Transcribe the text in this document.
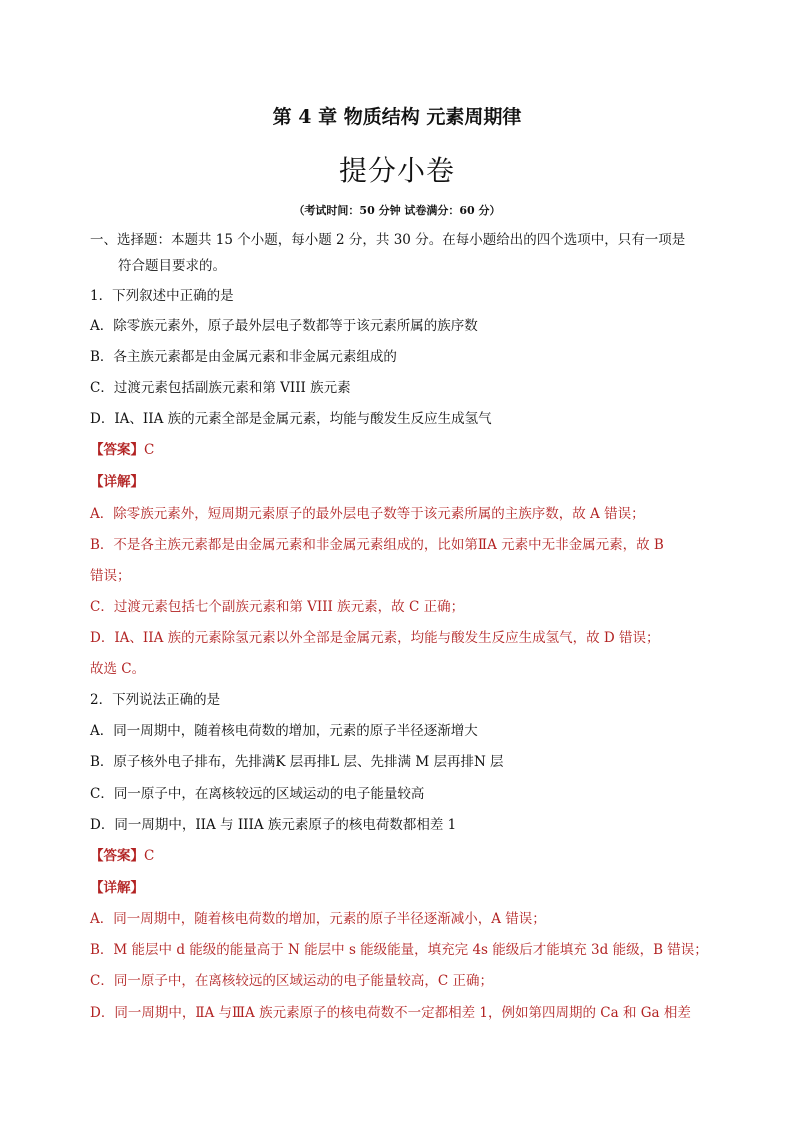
第 4 章 物质结构 元素周期律
提分小卷
（考试时间：50 分钟 试卷满分：60 分）
一、选择题：本题共 15 个小题，每小题 2 分，共 30 分。在每小题给出的四个选项中，只有一项是
符合题目要求的。
1．下列叙述中正确的是
A．除零族元素外，原子最外层电子数都等于该元素所属的族序数
B．各主族元素都是由金属元素和非金属元素组成的
C．过渡元素包括副族元素和第 VIII 族元素
D．ⅠA、IIA 族的元素全部是金属元素，均能与酸发生反应生成氢气
【答案】C
【详解】
A．除零族元素外，短周期元素原子的最外层电子数等于该元素所属的主族序数，故 A 错误；
B．不是各主族元素都是由金属元素和非金属元素组成的，比如第ⅡA 元素中无非金属元素，故 B
错误；
C．过渡元素包括七个副族元素和第 VIII 族元素，故 C 正确；
D．ⅠA、IIA 族的元素除氢元素以外全部是金属元素，均能与酸发生反应生成氢气，故 D 错误；
故选 C。
2．下列说法正确的是
A．同一周期中，随着核电荷数的增加，元素的原子半径逐渐增大
B．原子核外电子排布，先排满K 层再排L 层、先排满 M 层再排N 层
C．同一原子中，在离核较远的区域运动的电子能量较高
D．同一周期中，IIA 与 IIIA 族元素原子的核电荷数都相差 1
【答案】C
【详解】
A．同一周期中，随着核电荷数的增加，元素的原子半径逐渐减小，A 错误；
B．M 能层中 d 能级的能量高于 N 能层中 s 能级能量，填充完 4s 能级后才能填充 3d 能级，B 错误；
C．同一原子中，在离核较远的区域运动的电子能量较高，C 正确；
D．同一周期中，ⅡA 与ⅢA 族元素原子的核电荷数不一定都相差 1，例如第四周期的 Ca 和 Ga 相差
